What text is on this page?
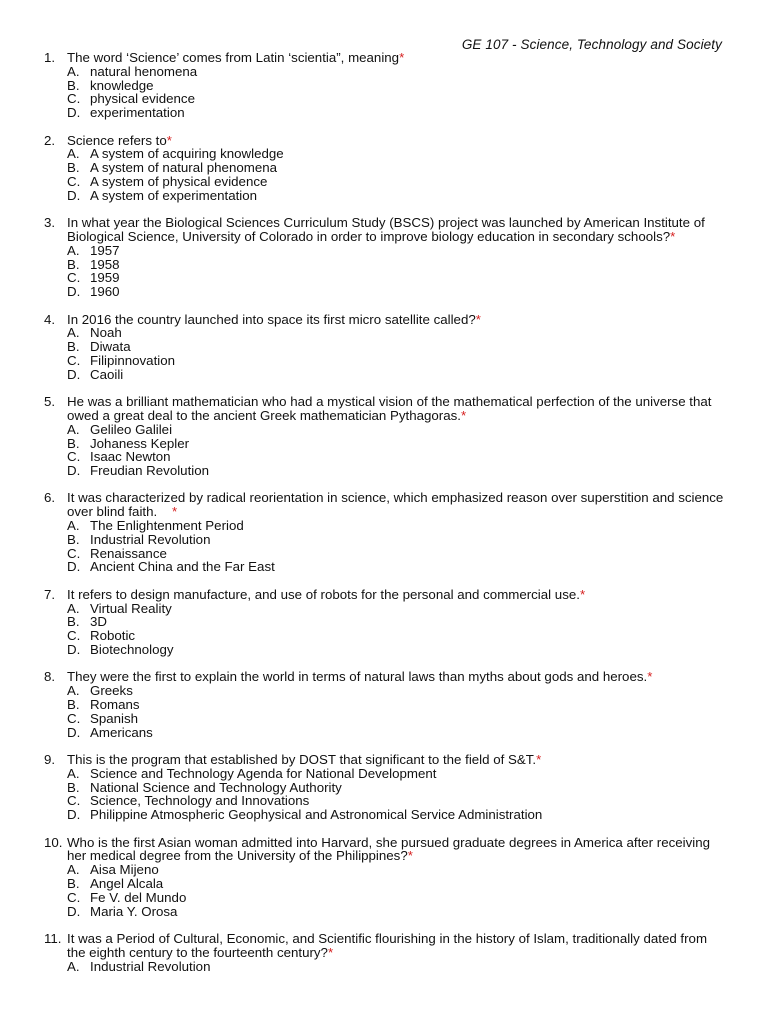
GE 107 - Science, Technology and Society
1. The word ‘Science’ comes from Latin ‘scientia”, meaning*
A. natural henomena
B. knowledge
C. physical evidence
D. experimentation
2. Science refers to*
A. A system of acquiring knowledge
B. A system of natural phenomena
C. A system of physical evidence
D. A system of experimentation
3. In what year the Biological Sciences Curriculum Study (BSCS) project was launched by American Institute of Biological Science, University of Colorado in order to improve biology education in secondary schools?*
A. 1957
B. 1958
C. 1959
D. 1960
4. In 2016 the country launched into space its first micro satellite called?*
A. Noah
B. Diwata
C. Filipinnovation
D. Caoili
5. He was a brilliant mathematician who had a mystical vision of the mathematical perfection of the universe that owed a great deal to the ancient Greek mathematician Pythagoras.*
A. Gelileo Galilei
B. Johaness Kepler
C. Isaac Newton
D. Freudian Revolution
6. It was characterized by radical reorientation in science, which emphasized reason over superstition and science over blind faith.    *
A. The Enlightenment Period
B. Industrial Revolution
C. Renaissance
D. Ancient China and the Far East
7. It refers to design manufacture, and use of robots for the personal and commercial use.*
A. Virtual Reality
B. 3D
C. Robotic
D. Biotechnology
8. They were the first to explain the world in terms of natural laws than myths about gods and heroes.*
A. Greeks
B. Romans
C. Spanish
D. Americans
9. This is the program that established by DOST that significant to the field of S&T.*
A. Science and Technology Agenda for National Development
B. National Science and Technology Authority
C. Science, Technology and Innovations
D. Philippine Atmospheric Geophysical and Astronomical Service Administration
10. Who is the first Asian woman admitted into Harvard, she pursued graduate degrees in America after receiving her medical degree from the University of the Philippines?*
A. Aisa Mijeno
B. Angel Alcala
C. Fe V. del Mundo
D. Maria Y. Orosa
11. It was a Period of Cultural, Economic, and Scientific flourishing in the history of Islam, traditionally dated from the eighth century to the fourteenth century?*
A. Industrial Revolution
